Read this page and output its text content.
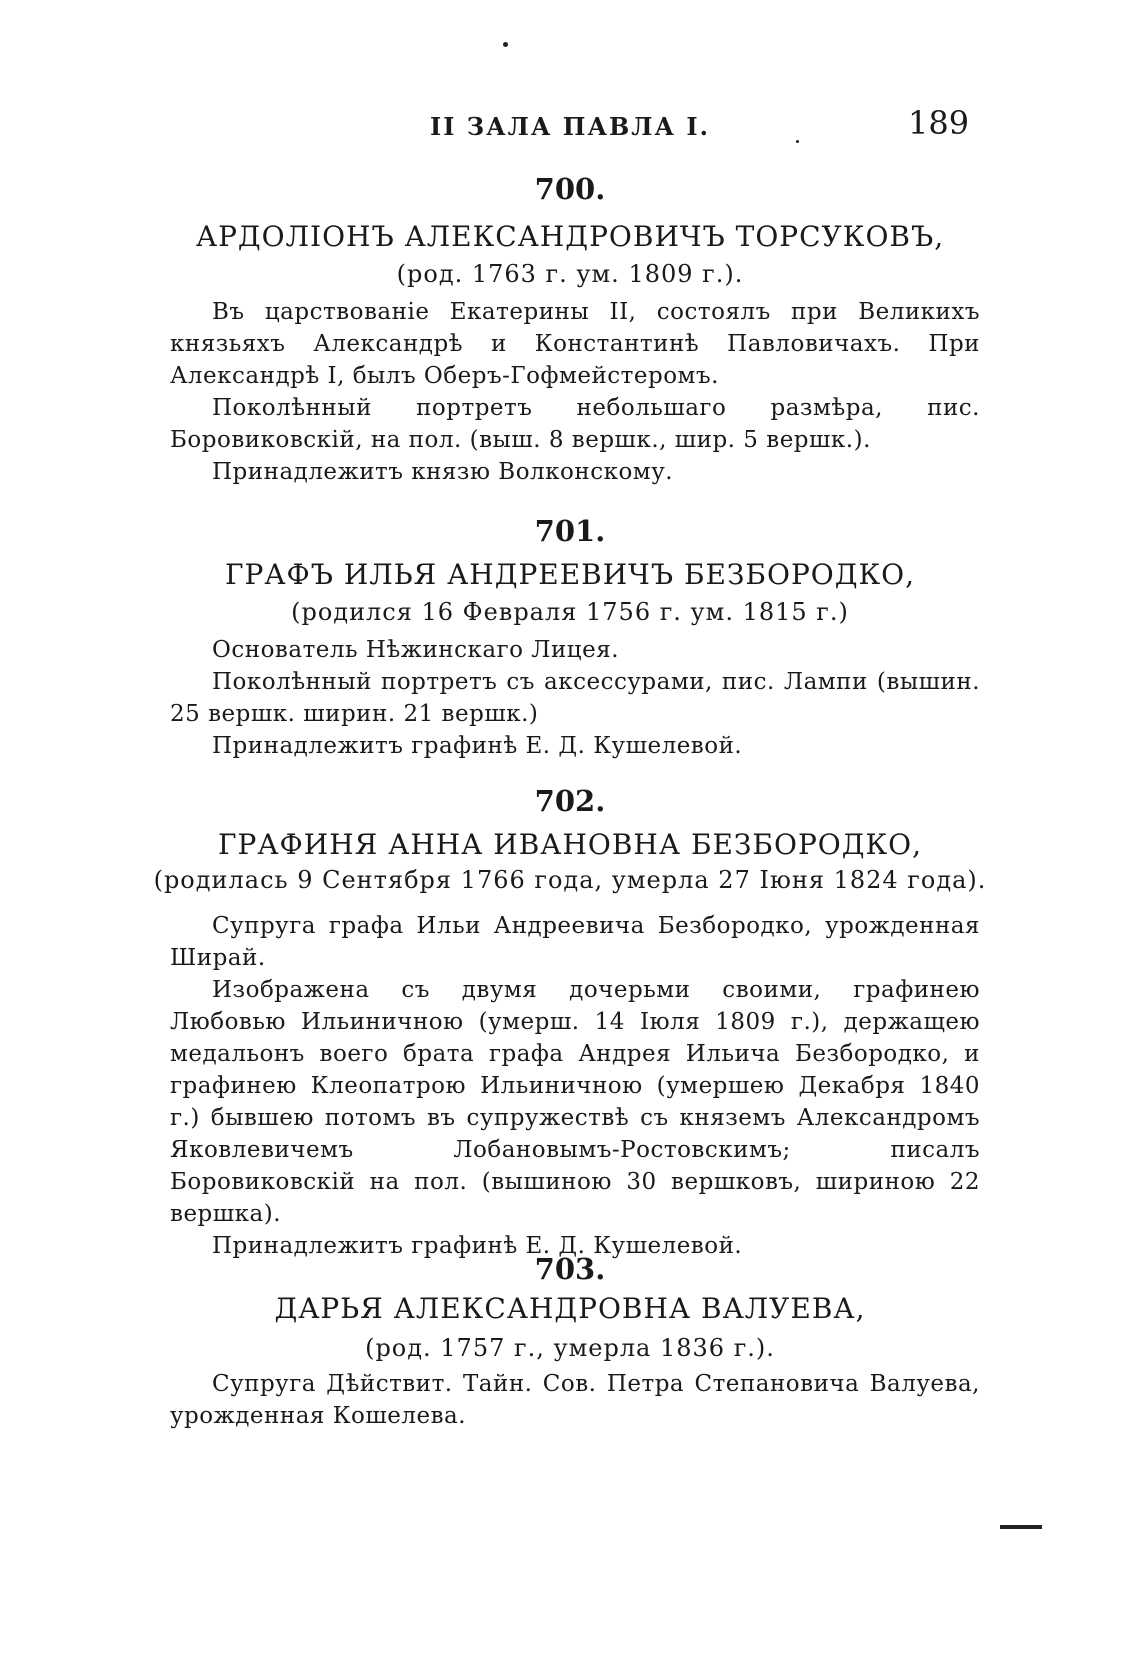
II ЗАЛА ПАВЛА I.	189
700.
АРДОЛІОНЪ АЛЕКСАНДРОВИЧЪ ТОРСУКОВЪ,
(род. 1763 г. ум. 1809 г.).

Въ царствованіе Екатерины II, состоялъ при Великихъ князьяхъ Александрѣ и Константинѣ Павловичахъ. При Александрѣ I, былъ Оберъ-Гофмейстеромъ.

Поколѣнный портретъ небольшаго размѣра, пис. Боровиковскій, на пол. (выш. 8 вершк., шир. 5 вершк.).

Принадлежитъ князю Волконскому.

701.
ГРАФЪ ИЛЬЯ АНДРЕЕВИЧЪ БЕЗБОРОДКО,
(родился 16 Февраля 1756 г. ум. 1815 г.)

Основатель Нѣжинскаго Лицея.

Поколѣнный портретъ съ аксессурами, пис. Лампи (вышин. 25 вершк. ширин. 21 вершк.)

Принадлежитъ графинѣ Е. Д. Кушелевой.

702.
ГРАФИНЯ АННА ИВАНОВНА БЕЗБОРОДКО,
(родилась 9 Сентября 1766 года, умерла 27 Іюня 1824 года).

Супруга графа Ильи Андреевича Безбородко, урожденная Ширай.

Изображена съ двумя дочерьми своими, графинею Любовью Ильиничною (умерш. 14 Іюля 1809 г.), держащею медальонъ воего брата графа Андрея Ильича Безбородко, и графинею Клеопатрою Ильиничною (умершею Декабря 1840 г.) бывшею потомъ въ супружествѣ съ княземъ Александромъ Яковлевичемъ Лобановымъ-Ростовскимъ; писалъ Боровиковскій на пол. (вышиною 30 вершковъ, шириною 22 вершка).

Принадлежитъ графинѣ Е. Д. Кушелевой.

703.
ДАРЬЯ АЛЕКСАНДРОВНА ВАЛУЕВА,
(род. 1757 г., умерла 1836 г.).

Супруга Дѣйствит. Тайн. Сов. Петра Степановича Валуева, урожденная Кошелева.
